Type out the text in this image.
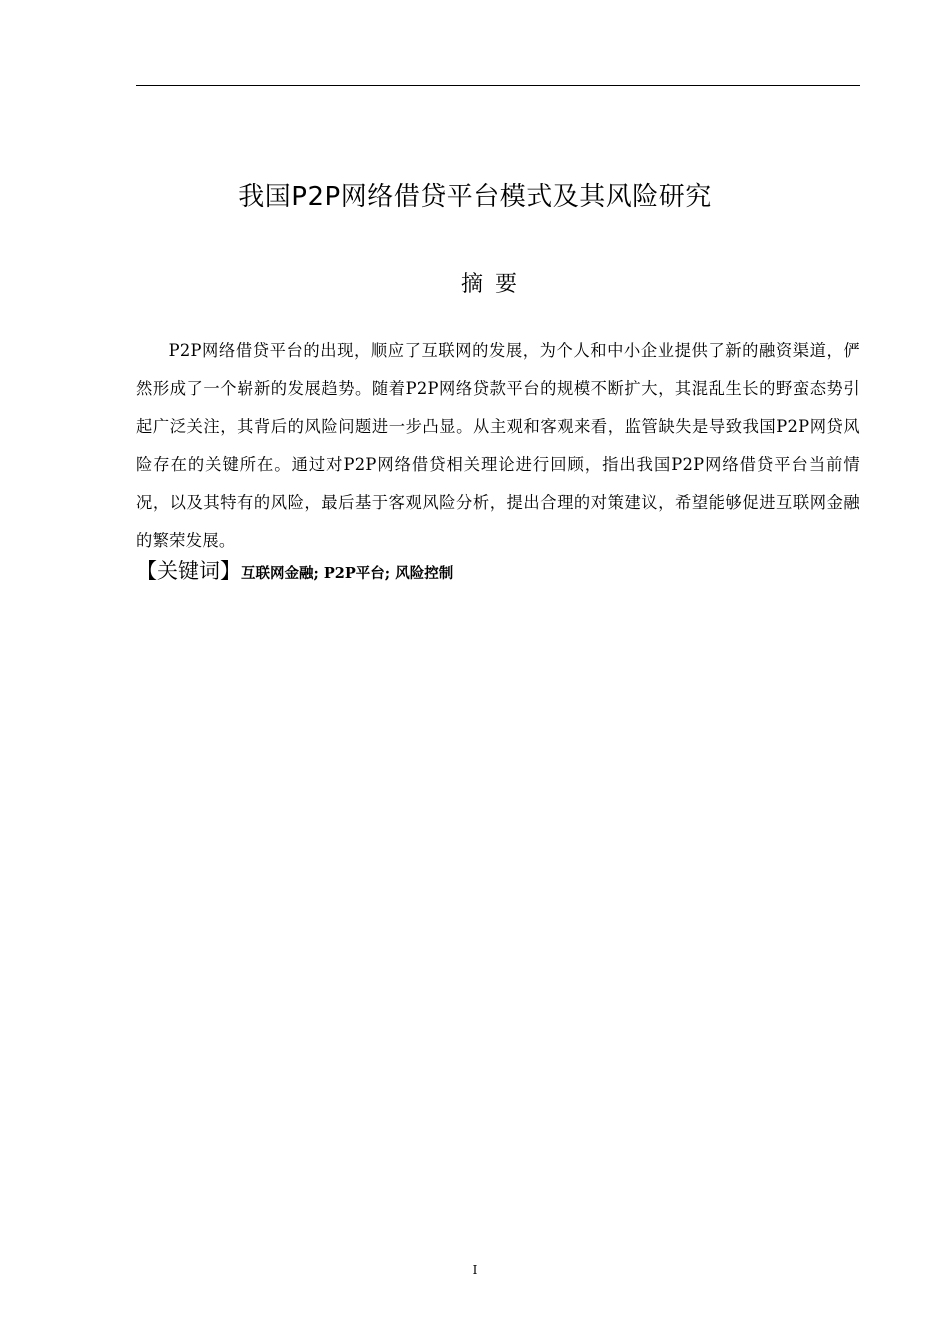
我国P2P网络借贷平台模式及其风险研究
摘要

P2P网络借贷平台的出现，顺应了互联网的发展，为个人和中小企业提供了新的融资渠道，俨然形成了一个崭新的发展趋势。随着P2P网络贷款平台的规模不断扩大，其混乱生长的野蛮态势引起广泛关注，其背后的风险问题进一步凸显。从主观和客观来看，监管缺失是导致我国P2P网贷风险存在的关键所在。通过对P2P网络借贷相关理论进行回顾，指出我国P2P网络借贷平台当前情况，以及其特有的风险，最后基于客观风险分析，提出合理的对策建议，希望能够促进互联网金融的繁荣发展。

【关键词】互联网金融; P2P平台; 风险控制
I
